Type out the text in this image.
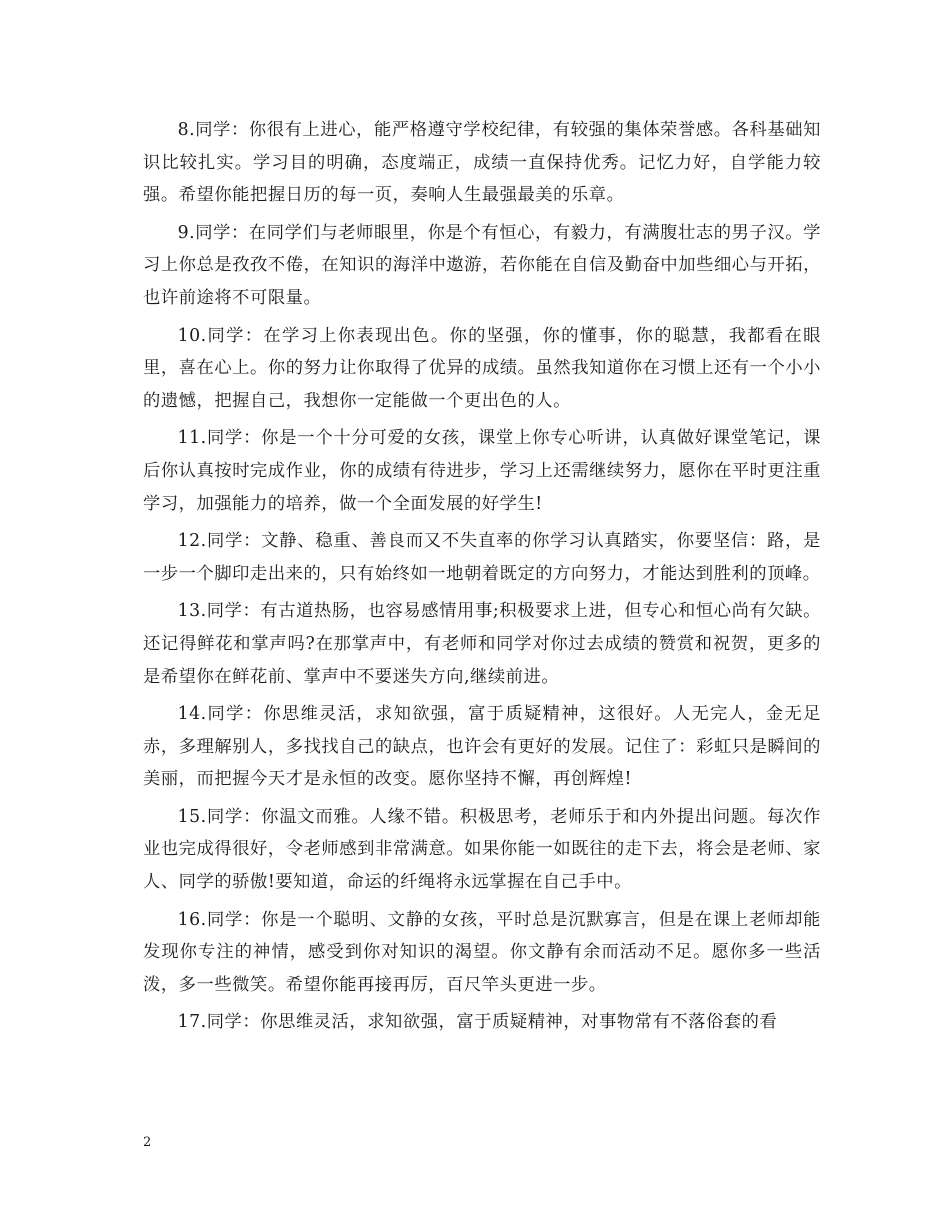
8.同学：你很有上进心，能严格遵守学校纪律，有较强的集体荣誉感。各科基础知识比较扎实。学习目的明确，态度端正，成绩一直保持优秀。记忆力好，自学能力较强。希望你能把握日历的每一页，奏响人生最强最美的乐章。

9.同学：在同学们与老师眼里，你是个有恒心，有毅力，有满腹壮志的男子汉。学习上你总是孜孜不倦，在知识的海洋中遨游，若你能在自信及勤奋中加些细心与开拓，也许前途将不可限量。

10.同学：在学习上你表现出色。你的坚强，你的懂事，你的聪慧，我都看在眼里，喜在心上。你的努力让你取得了优异的成绩。虽然我知道你在习惯上还有一个小小的遗憾，把握自己，我想你一定能做一个更出色的人。

11.同学：你是一个十分可爱的女孩，课堂上你专心听讲，认真做好课堂笔记，课后你认真按时完成作业，你的成绩有待进步，学习上还需继续努力，愿你在平时更注重学习，加强能力的培养，做一个全面发展的好学生!

12.同学：文静、稳重、善良而又不失直率的你学习认真踏实，你要坚信：路，是一步一个脚印走出来的，只有始终如一地朝着既定的方向努力，才能达到胜利的顶峰。

13.同学：有古道热肠，也容易感情用事;积极要求上进，但专心和恒心尚有欠缺。还记得鲜花和掌声吗?在那掌声中，有老师和同学对你过去成绩的赞赏和祝贺，更多的是希望你在鲜花前、掌声中不要迷失方向,继续前进。

14.同学：你思维灵活，求知欲强，富于质疑精神，这很好。人无完人，金无足赤，多理解别人，多找找自己的缺点，也许会有更好的发展。记住了：彩虹只是瞬间的美丽，而把握今天才是永恒的改变。愿你坚持不懈，再创辉煌!

15.同学：你温文而雅。人缘不错。积极思考，老师乐于和内外提出问题。每次作业也完成得很好，令老师感到非常满意。如果你能一如既往的走下去，将会是老师、家人、同学的骄傲!要知道，命运的纤绳将永远掌握在自己手中。

16.同学：你是一个聪明、文静的女孩，平时总是沉默寡言，但是在课上老师却能发现你专注的神情，感受到你对知识的渴望。你文静有余而活动不足。愿你多一些活泼，多一些微笑。希望你能再接再厉，百尺竿头更进一步。

17.同学：你思维灵活，求知欲强，富于质疑精神，对事物常有不落俗套的看

2
